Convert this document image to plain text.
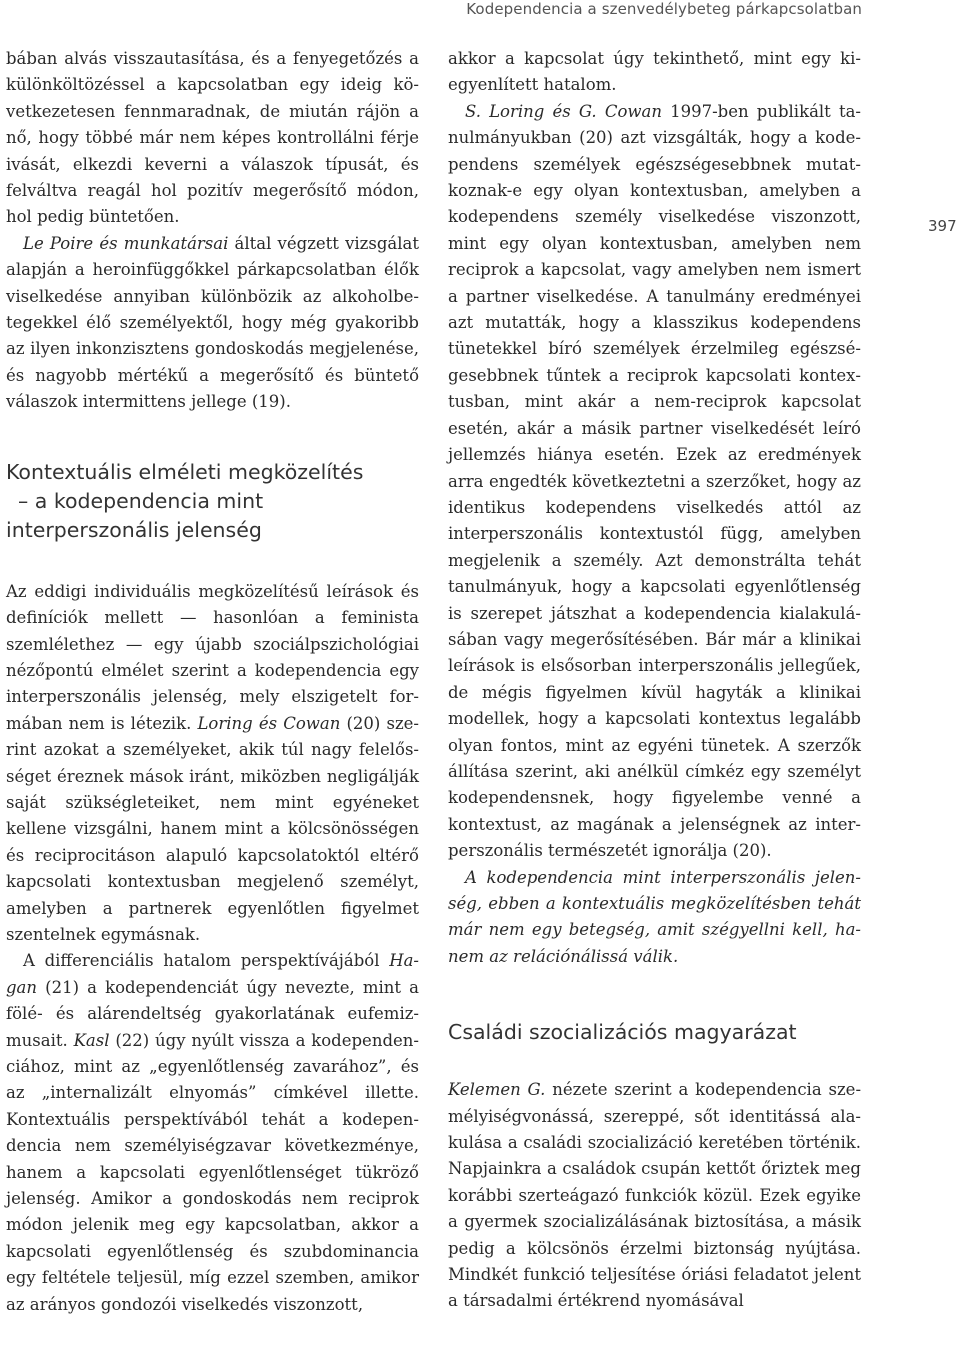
Kodependencia a szenvedélybeteg párkapcsolatban
397

bában alvás visszautasítása, és a fenyegetőzés a különköltözéssel a kapcsolatban egy ideig következetesen fennmaradnak, de miután rájön a nő, hogy többé már nem képes kontrollálni férje ivását, elkezdi keverni a válaszok típusát, és felváltva reagál hol pozitív megerősítő módon, hol pedig büntetően.

Le Poire és munkatársai által végzett vizsgálat alapján a heroinfüggőkkel párkapcsolatban élők viselkedése annyiban különbözik az alkoholbetegekkel élő személyektől, hogy még gyakoribb az ilyen inkonzisztens gondoskodás megjelenése, és nagyobb mértékű a megerősítő és büntető válaszok intermittens jellege (19).

Kontextuális elméleti megközelítés
– a kodependencia mint
interperszonális jelenség

Az eddigi individuális megközelítésű leírások és definíciók mellett — hasonlóan a feminista szemlélethez — egy újabb szociálpszichológiai nézőpontú elmélet szerint a kodependencia egy interperszonális jelenség, mely elszigetelt formában nem is létezik. Loring és Cowan (20) szerint azokat a személyeket, akik túl nagy felelősséget éreznek mások iránt, miközben negligálják saját szükségleteiket, nem mint egyéneket kellene vizsgálni, hanem mint a kölcsönösségen és reciprocitáson alapuló kapcsolatoktól eltérő kapcsolati kontextusban megjelenő személyt, amelyben a partnerek egyenlőtlen figyelmet szentelnek egymásnak.

A differenciális hatalom perspektívájából Hagan (21) a kodependenciát úgy nevezte, mint a fölé- és alárendeltség gyakorlatának eufemizmusait. Kasl (22) úgy nyúlt vissza a kodependenciához, mint az „egyenlőtlenség zavarához”, és az „internalizált elnyomás” címkével illette. Kontextuális perspektívából tehát a kodependencia nem személyiségzavar következménye, hanem a kapcsolati egyenlőtlenséget tükröző jelenség. Amikor a gondoskodás nem reciprok módon jelenik meg egy kapcsolatban, akkor a kapcsolati egyenlőtlenség és szubdominancia egy feltétele teljesül, míg ezzel szemben, amikor az arányos gondozói viselkedés viszonzott,

akkor a kapcsolat úgy tekinthető, mint egy kiegyenlített hatalom.

S. Loring és G. Cowan 1997-ben publikált tanulmányukban (20) azt vizsgálták, hogy a kodependens személyek egészségesebbnek mutatkoznak-e egy olyan kontextusban, amelyben a kodependens személy viselkedése viszonzott, mint egy olyan kontextusban, amelyben nem reciprok a kapcsolat, vagy amelyben nem ismert a partner viselkedése. A tanulmány eredményei azt mutatták, hogy a klasszikus kodependens tünetekkel bíró személyek érzelmileg egészségesebbnek tűntek a reciprok kapcsolati kontextusban, mint akár a nem-reciprok kapcsolat esetén, akár a másik partner viselkedését leíró jellemzés hiánya esetén. Ezek az eredmények arra engedték következtetni a szerzőket, hogy az identikus kodependens viselkedés attól az interperszonális kontextustól függ, amelyben megjelenik a személy. Azt demonstrálta tehát tanulmányuk, hogy a kapcsolati egyenlőtlenség is szerepet játszhat a kodependencia kialakulásában vagy megerősítésében. Bár már a klinikai leírások is elsősorban interperszonális jellegűek, de mégis figyelmen kívül hagyták a klinikai modellek, hogy a kapcsolati kontextus legalább olyan fontos, mint az egyéni tünetek. A szerzők állítása szerint, aki anélkül címkéz egy személyt kodependensnek, hogy figyelembe venné a kontextust, az magának a jelenségnek az interperszonális természetét ignorálja (20).

A kodependencia mint interperszonális jelenség, ebben a kontextuális megközelítésben tehát már nem egy betegség, amit szégyellni kell, hanem az relációnálissá válik.

Családi szocializációs magyarázat

Kelemen G. nézete szerint a kodependencia személyiségvonássá, szereppé, sőt identitássá alakulása a családi szocializáció keretében történik. Napjainkra a családok csupán kettőt őriztek meg korábbi szerteágazó funkciók közül. Ezek egyike a gyermek szocializálásának biztosítása, a másik pedig a kölcsönös érzelmi biztonság nyújtása. Mindkét funkció teljesítése óriási feladatot jelent a társadalmi értékrend nyomásával
